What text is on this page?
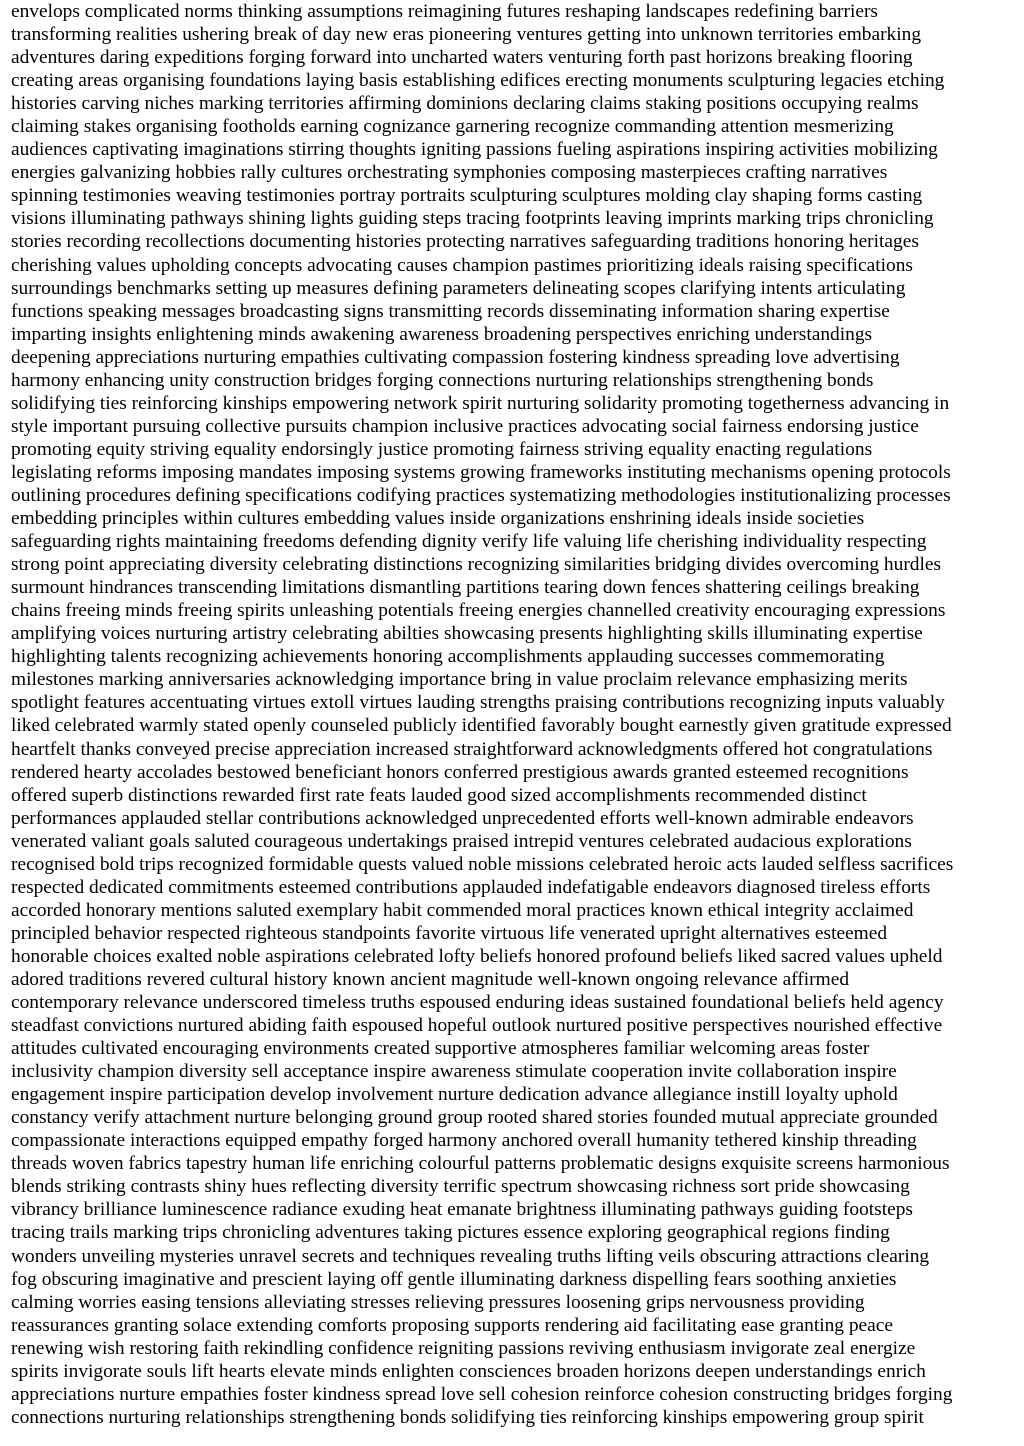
envelops complicated norms thinking assumptions reimagining futures reshaping landscapes redefining barriers
transforming realities ushering break of day new eras pioneering ventures getting into unknown territories embarking
adventures daring expeditions forging forward into uncharted waters venturing forth past horizons breaking flooring
creating areas organising foundations laying basis establishing edifices erecting monuments sculpturing legacies etching
histories carving niches marking territories affirming dominions declaring claims staking positions occupying realms
claiming stakes organising footholds earning cognizance garnering recognize commanding attention mesmerizing
audiences captivating imaginations stirring thoughts igniting passions fueling aspirations inspiring activities mobilizing
energies galvanizing hobbies rally cultures orchestrating symphonies composing masterpieces crafting narratives
spinning testimonies weaving testimonies portray portraits sculpturing sculptures molding clay shaping forms casting
visions illuminating pathways shining lights guiding steps tracing footprints leaving imprints marking trips chronicling
stories recording recollections documenting histories protecting narratives safeguarding traditions honoring heritages
cherishing values upholding concepts advocating causes champion pastimes prioritizing ideals raising specifications
surroundings benchmarks setting up measures defining parameters delineating scopes clarifying intents articulating
functions speaking messages broadcasting signs transmitting records disseminating information sharing expertise
imparting insights enlightening minds awakening awareness broadening perspectives enriching understandings
deepening appreciations nurturing empathies cultivating compassion fostering kindness spreading love advertising
harmony enhancing unity construction bridges forging connections nurturing relationships strengthening bonds
solidifying ties reinforcing kinships empowering network spirit nurturing solidarity promoting togetherness advancing in
style important pursuing collective pursuits champion inclusive practices advocating social fairness endorsing justice
promoting equity striving equality endorsingly justice promoting fairness striving equality enacting regulations
legislating reforms imposing mandates imposing systems growing frameworks instituting mechanisms opening protocols
outlining procedures defining specifications codifying practices systematizing methodologies institutionalizing processes
embedding principles within cultures embedding values inside organizations enshrining ideals inside societies
safeguarding rights maintaining freedoms defending dignity verify life valuing life cherishing individuality respecting
strong point appreciating diversity celebrating distinctions recognizing similarities bridging divides overcoming hurdles
surmount hindrances transcending limitations dismantling partitions tearing down fences shattering ceilings breaking
chains freeing minds freeing spirits unleashing potentials freeing energies channelled creativity encouraging expressions
amplifying voices nurturing artistry celebrating abilties showcasing presents highlighting skills illuminating expertise
highlighting talents recognizing achievements honoring accomplishments applauding successes commemorating
milestones marking anniversaries acknowledging importance bring in value proclaim relevance emphasizing merits
spotlight features accentuating virtues extoll virtues lauding strengths praising contributions recognizing inputs valuably
liked celebrated warmly stated openly counseled publicly identified favorably bought earnestly given gratitude expressed
heartfelt thanks conveyed precise appreciation increased straightforward acknowledgments offered hot congratulations
rendered hearty accolades bestowed beneficiant honors conferred prestigious awards granted esteemed recognitions
offered superb distinctions rewarded first rate feats lauded good sized accomplishments recommended distinct
performances applauded stellar contributions acknowledged unprecedented efforts well-known admirable endeavors
venerated valiant goals saluted courageous undertakings praised intrepid ventures celebrated audacious explorations
recognised bold trips recognized formidable quests valued noble missions celebrated heroic acts lauded selfless sacrifices
respected dedicated commitments esteemed contributions applauded indefatigable endeavors diagnosed tireless efforts
accorded honorary mentions saluted exemplary habit commended moral practices known ethical integrity acclaimed
principled behavior respected righteous standpoints favorite virtuous life venerated upright alternatives esteemed
honorable choices exalted noble aspirations celebrated lofty beliefs honored profound beliefs liked sacred values upheld
adored traditions revered cultural history known ancient magnitude well-known ongoing relevance affirmed
contemporary relevance underscored timeless truths espoused enduring ideas sustained foundational beliefs held agency
steadfast convictions nurtured abiding faith espoused hopeful outlook nurtured positive perspectives nourished effective
attitudes cultivated encouraging environments created supportive atmospheres familiar welcoming areas foster
inclusivity champion diversity sell acceptance inspire awareness stimulate cooperation invite collaboration inspire
engagement inspire participation develop involvement nurture dedication advance allegiance instill loyalty uphold
constancy verify attachment nurture belonging ground group rooted shared stories founded mutual appreciate grounded
compassionate interactions equipped empathy forged harmony anchored overall humanity tethered kinship threading
threads woven fabrics tapestry human life enriching colourful patterns problematic designs exquisite screens harmonious
blends striking contrasts shiny hues reflecting diversity terrific spectrum showcasing richness sort pride showcasing
vibrancy brilliance luminescence radiance exuding heat emanate brightness illuminating pathways guiding footsteps
tracing trails marking trips chronicling adventures taking pictures essence exploring geographical regions finding
wonders unveiling mysteries unravel secrets and techniques revealing truths lifting veils obscuring attractions clearing
fog obscuring imaginative and prescient laying off gentle illuminating darkness dispelling fears soothing anxieties
calming worries easing tensions alleviating stresses relieving pressures loosening grips nervousness providing
reassurances granting solace extending comforts proposing supports rendering aid facilitating ease granting peace
renewing wish restoring faith rekindling confidence reigniting passions reviving enthusiasm invigorate zeal energize
spirits invigorate souls lift hearts elevate minds enlighten consciences broaden horizons deepen understandings enrich
appreciations nurture empathies foster kindness spread love sell cohesion reinforce cohesion constructing bridges forging
connections nurturing relationships strengthening bonds solidifying ties reinforcing kinships empowering group spirit
